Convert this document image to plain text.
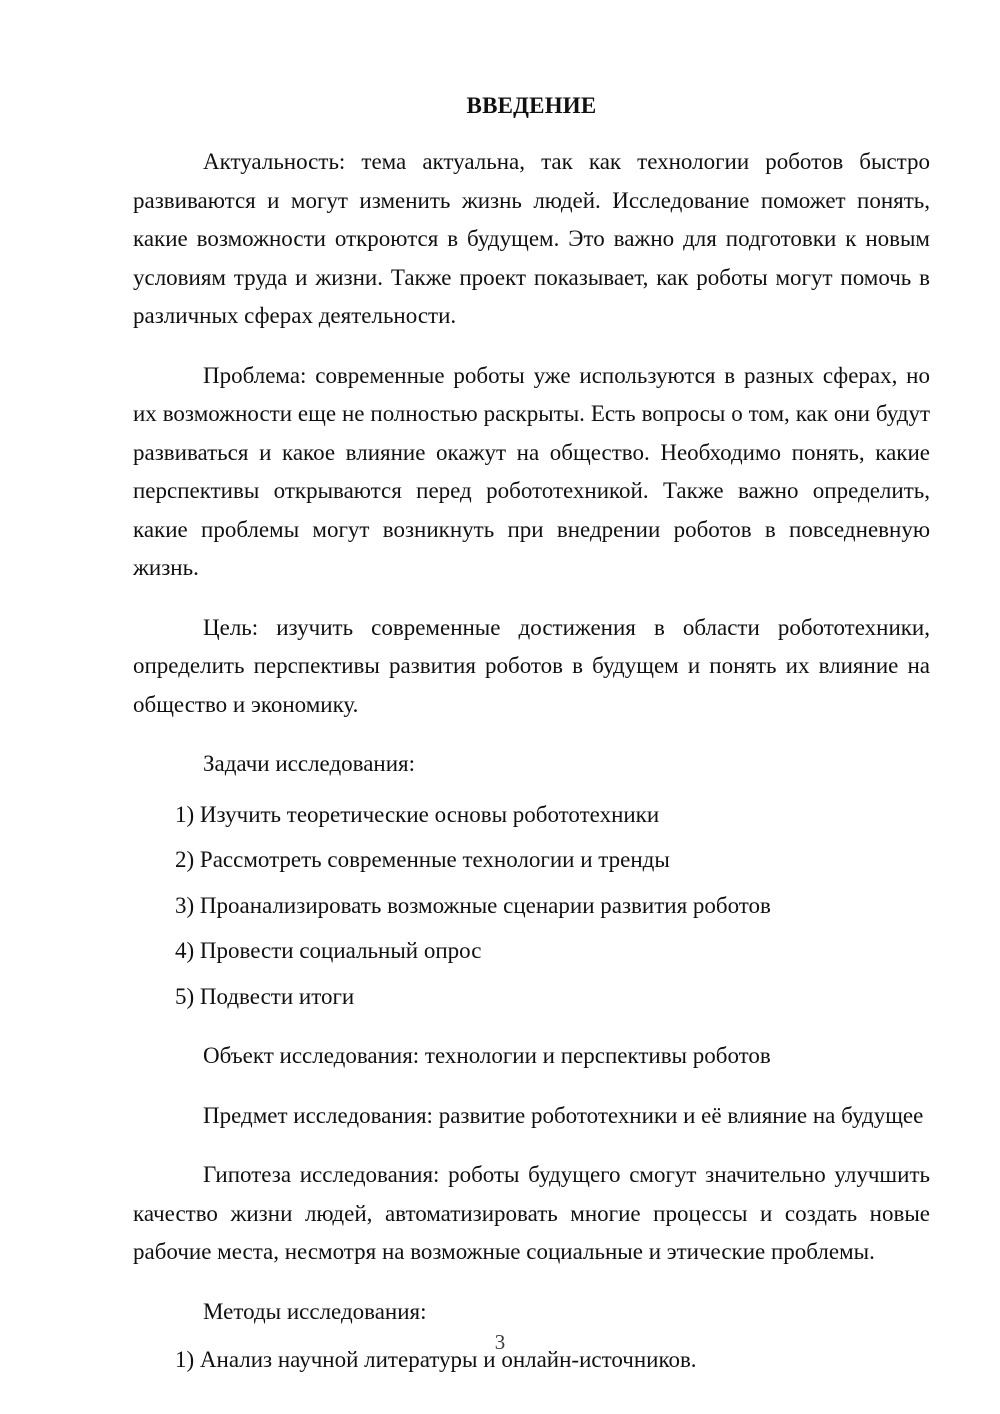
ВВЕДЕНИЕ

Актуальность: тема актуальна, так как технологии роботов быстро развиваются и могут изменить жизнь людей. Исследование поможет понять, какие возможности откроются в будущем. Это важно для подготовки к новым условиям труда и жизни. Также проект показывает, как роботы могут помочь в различных сферах деятельности.

Проблема: современные роботы уже используются в разных сферах, но их возможности еще не полностью раскрыты. Есть вопросы о том, как они будут развиваться и какое влияние окажут на общество. Необходимо понять, какие перспективы открываются перед робототехникой. Также важно определить, какие проблемы могут возникнуть при внедрении роботов в повседневную жизнь.

Цель: изучить современные достижения в области робототехники, определить перспективы развития роботов в будущем и понять их влияние на общество и экономику.

Задачи исследования:

1) Изучить теоретические основы робототехники
2) Рассмотреть современные технологии и тренды
3) Проанализировать возможные сценарии развития роботов
4) Провести социальный опрос
5) Подвести итоги

Объект исследования: технологии и перспективы роботов

Предмет исследования: развитие робототехники и её влияние на будущее

Гипотеза исследования: роботы будущего смогут значительно улучшить качество жизни людей, автоматизировать многие процессы и создать новые рабочие места, несмотря на возможные социальные и этические проблемы.

Методы исследования:

1) Анализ научной литературы и онлайн-источников.
3
